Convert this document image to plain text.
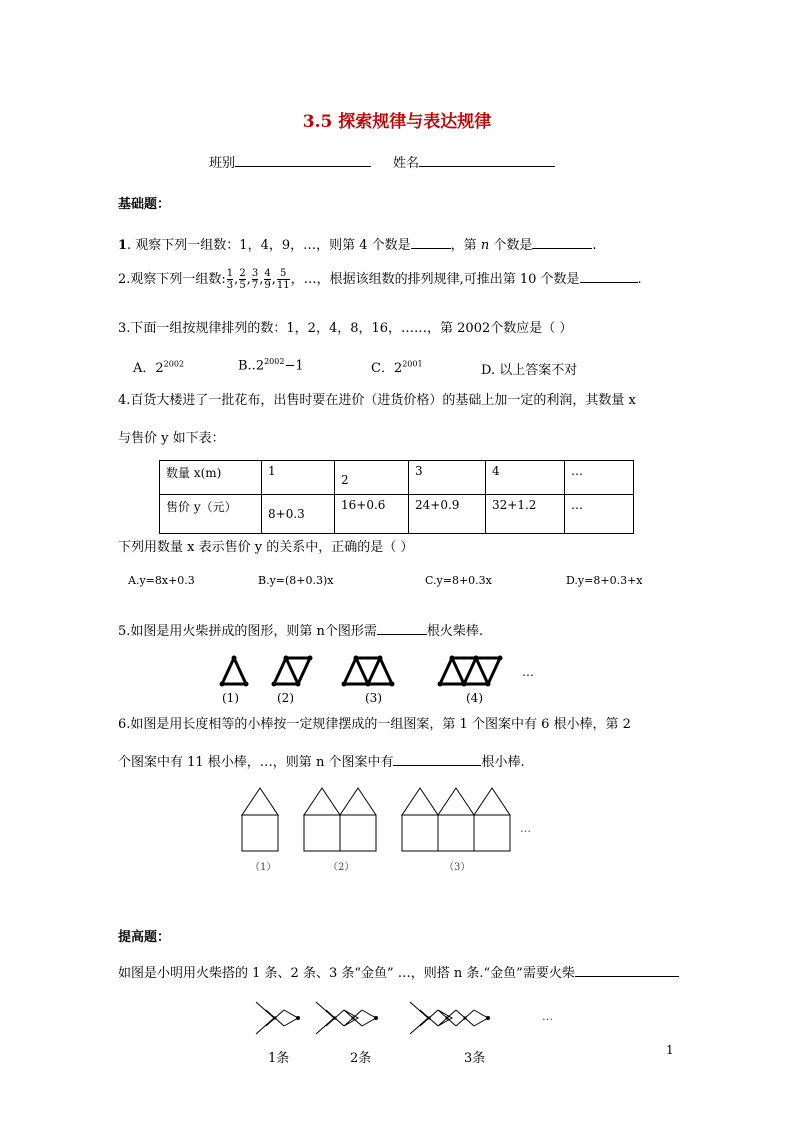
3.5 探索规律与表达规律
班别	姓名
基础题：
1. 观察下列一组数：1，4，9，…，则第 4 个数是	，第 n 个数是	.
2.观察下列一组数: $\frac{1}{3}$ , $\frac{2}{5}$ , $\frac{3}{7}$ , $\frac{4}{9}$ , $\frac{5}{11}$ ，…，根据该组数的排列规律,可推出第 10 个数是	.
3.下面一组按规律排列的数：1，2，4，8，16，……，第 2002个数应是（ ）
A．$2^{2002}$	$B..2^{2002}-1$	C．$2^{2001}$	D. 以上答案不对
4.百货大楼进了一批花布，出售时要在进价（进货价格）的基础上加一定的利润，其数量 x
与售价 y 如下表：
数量 x(m)	1	2	3	4	…
售价 y（元）	8+0.3	16+0.6	24+0.9	32+1.2	…
下列用数量 x 表示售价 y 的关系中，正确的是（ ）
A.y=8x+0.3	B.y=(8+0.3)x	C.y=8+0.3x	D.y=8+0.3+x
5.如图是用火柴拼成的图形，则第 n个图形需	根火柴棒.
(1)	(2)	(3)	(4)
…
6.如图是用长度相等的小棒按一定规律摆成的一组图案，第 1 个图案中有 6 根小棒，第 2
个图案中有 11 根小棒，…，则第 n 个图案中有	根小棒.
（1）	（2）	（3）
…
提高题：
如图是小明用火柴搭的 1 条、2 条、3 条“金鱼” …，则搭 n 条.“金鱼”需要火柴
1条	2条	3条
…
1
